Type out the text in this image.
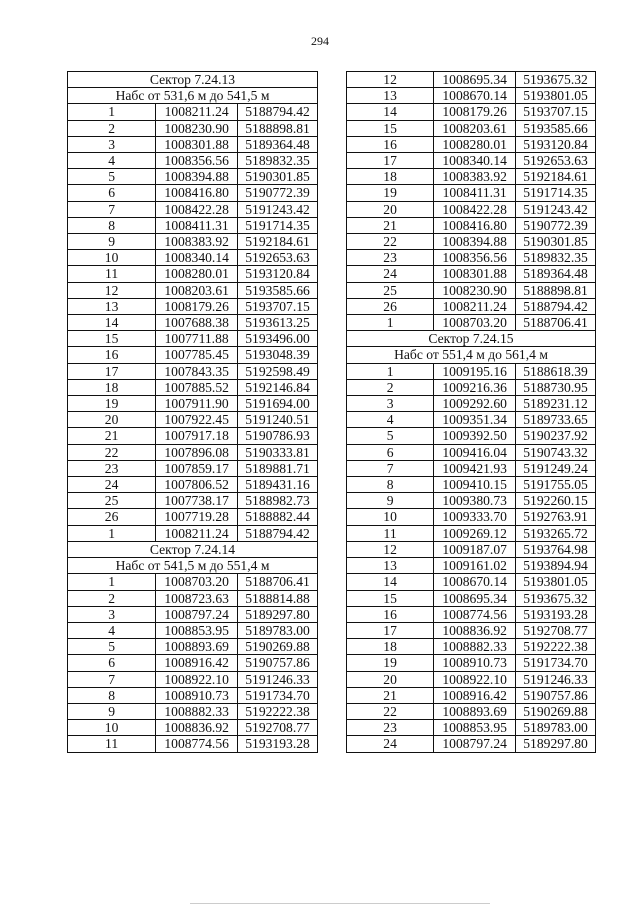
294
Сектор 7.24.13		
Набс от 531,6 м до 541,5 м		
1	1008211.24	5188794.42
2	1008230.90	5188898.81
3	1008301.88	5189364.48
4	1008356.56	5189832.35
5	1008394.88	5190301.85
6	1008416.80	5190772.39
7	1008422.28	5191243.42
8	1008411.31	5191714.35
9	1008383.92	5192184.61
10	1008340.14	5192653.63
11	1008280.01	5193120.84
12	1008203.61	5193585.66
13	1008179.26	5193707.15
14	1007688.38	5193613.25
15	1007711.88	5193496.00
16	1007785.45	5193048.39
17	1007843.35	5192598.49
18	1007885.52	5192146.84
19	1007911.90	5191694.00
20	1007922.45	5191240.51
21	1007917.18	5190786.93
22	1007896.08	5190333.81
23	1007859.17	5189881.71
24	1007806.52	5189431.16
25	1007738.17	5188982.73
26	1007719.28	5188882.44
1	1008211.24	5188794.42
Сектор 7.24.14		
Набс от 541,5 м до 551,4 м		
1	1008703.20	5188706.41
2	1008723.63	5188814.88
3	1008797.24	5189297.80
4	1008853.95	5189783.00
5	1008893.69	5190269.88
6	1008916.42	5190757.86
7	1008922.10	5191246.33
8	1008910.73	5191734.70
9	1008882.33	5192222.38
10	1008836.92	5192708.77
11	1008774.56	5193193.28
12	1008695.34	5193675.32
13	1008670.14	5193801.05
14	1008179.26	5193707.15
15	1008203.61	5193585.66
16	1008280.01	5193120.84
17	1008340.14	5192653.63
18	1008383.92	5192184.61
19	1008411.31	5191714.35
20	1008422.28	5191243.42
21	1008416.80	5190772.39
22	1008394.88	5190301.85
23	1008356.56	5189832.35
24	1008301.88	5189364.48
25	1008230.90	5188898.81
26	1008211.24	5188794.42
1	1008703.20	5188706.41
Сектор 7.24.15		
Набс от 551,4 м до 561,4 м		
1	1009195.16	5188618.39
2	1009216.36	5188730.95
3	1009292.60	5189231.12
4	1009351.34	5189733.65
5	1009392.50	5190237.92
6	1009416.04	5190743.32
7	1009421.93	5191249.24
8	1009410.15	5191755.05
9	1009380.73	5192260.15
10	1009333.70	5192763.91
11	1009269.12	5193265.72
12	1009187.07	5193764.98
13	1009161.02	5193894.94
14	1008670.14	5193801.05
15	1008695.34	5193675.32
16	1008774.56	5193193.28
17	1008836.92	5192708.77
18	1008882.33	5192222.38
19	1008910.73	5191734.70
20	1008922.10	5191246.33
21	1008916.42	5190757.86
22	1008893.69	5190269.88
23	1008853.95	5189783.00
24	1008797.24	5189297.80
